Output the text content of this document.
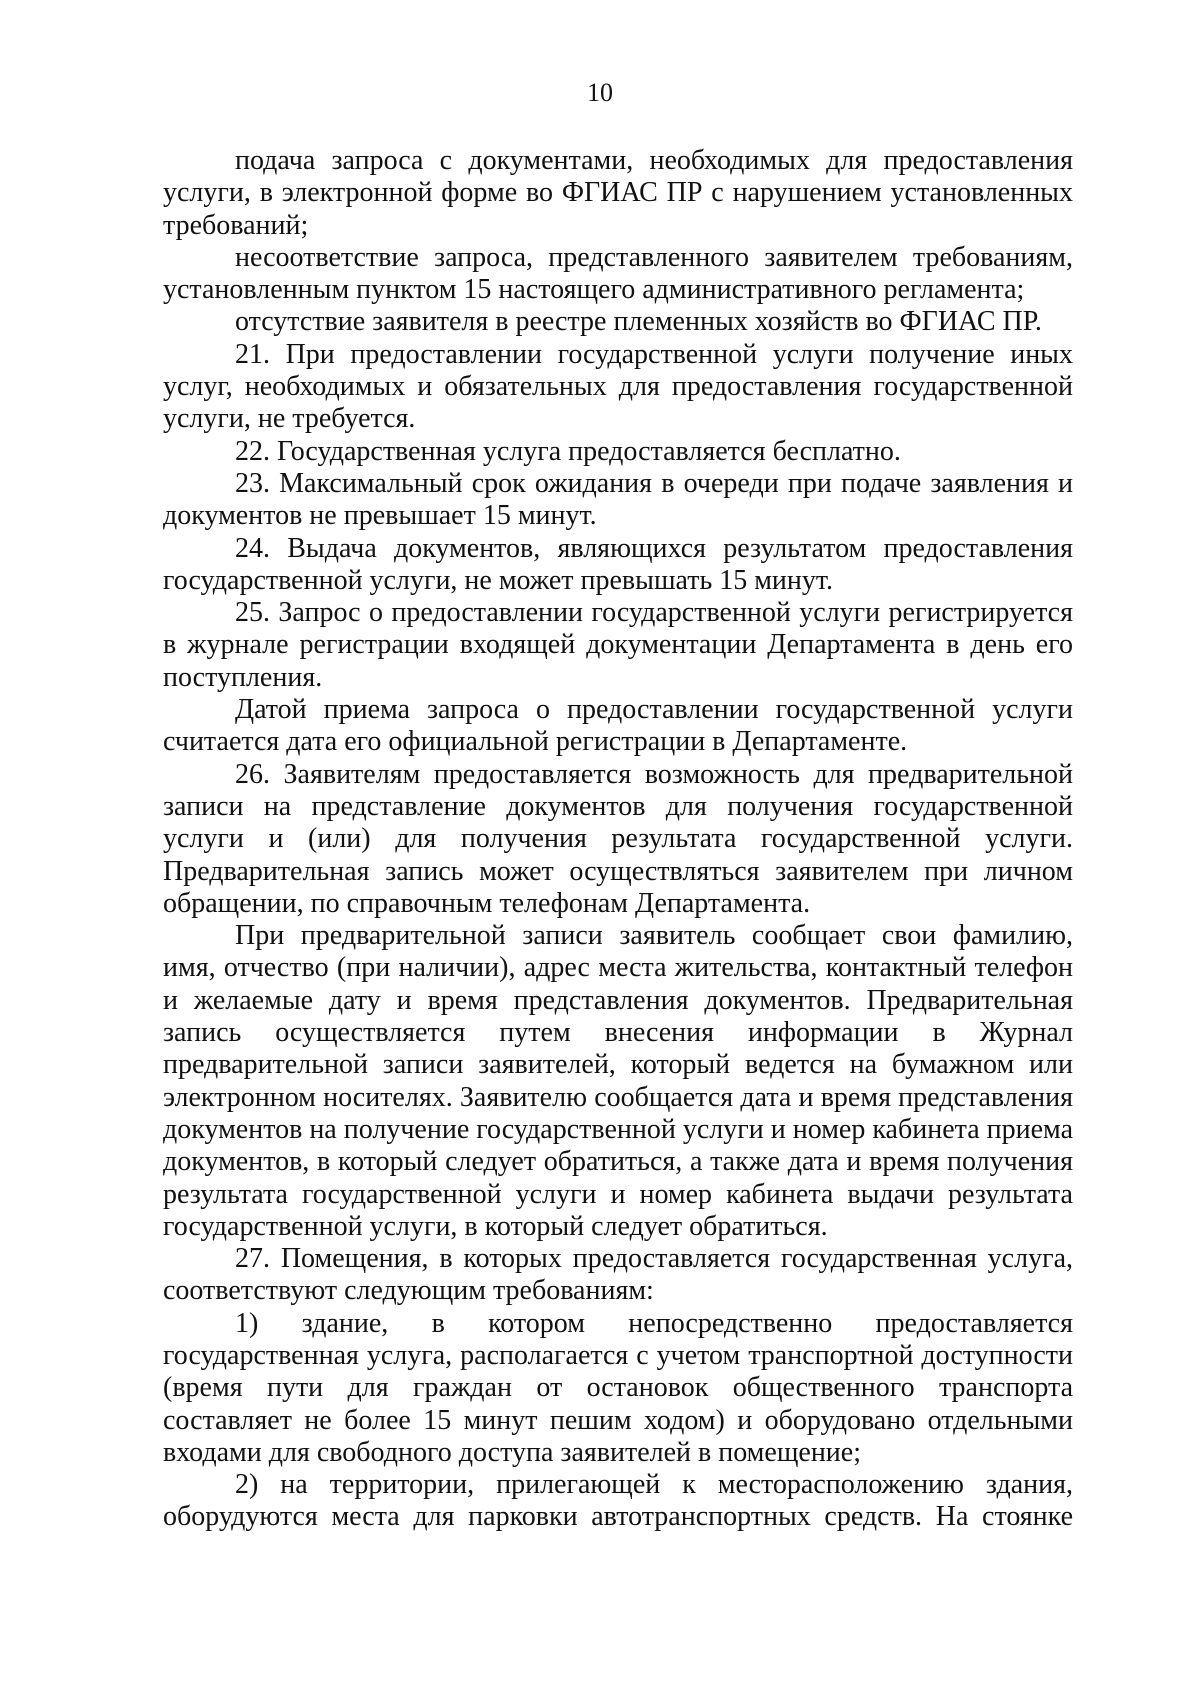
10

подача запроса с документами, необходимых для предоставления услуги, в электронной форме во ФГИАС ПР с нарушением установленных требований;

несоответствие запроса, представленного заявителем требованиям, установленным пунктом 15 настоящего административного регламента;

отсутствие заявителя в реестре племенных хозяйств во ФГИАС ПР.

21. При предоставлении государственной услуги получение иных услуг, необходимых и обязательных для предоставления государственной услуги, не требуется.

22. Государственная услуга предоставляется бесплатно.

23. Максимальный срок ожидания в очереди при подаче заявления и документов не превышает 15 минут.

24. Выдача документов, являющихся результатом предоставления государственной услуги, не может превышать 15 минут.

25. Запрос о предоставлении государственной услуги регистрируется в журнале регистрации входящей документации Департамента в день его поступления.

Датой приема запроса о предоставлении государственной услуги считается дата его официальной регистрации в Департаменте.

26. Заявителям предоставляется возможность для предварительной записи на представление документов для получения государственной услуги и (или) для получения результата государственной услуги. Предварительная запись может осуществляться заявителем при личном обращении, по справочным телефонам Департамента.

При предварительной записи заявитель сообщает свои фамилию, имя, отчество (при наличии), адрес места жительства, контактный телефон и желаемые дату и время представления документов. Предварительная запись осуществляется путем внесения информации в Журнал предварительной записи заявителей, который ведется на бумажном или электронном носителях. Заявителю сообщается дата и время представления документов на получение государственной услуги и номер кабинета приема документов, в который следует обратиться, а также дата и время получения результата государственной услуги и номер кабинета выдачи результата государственной услуги, в который следует обратиться.

27. Помещения, в которых предоставляется государственная услуга, соответствуют следующим требованиям:

1) здание, в котором непосредственно предоставляется государственная услуга, располагается с учетом транспортной доступности (время пути для граждан от остановок общественного транспорта составляет не более 15 минут пешим ходом) и оборудовано отдельными входами для свободного доступа заявителей в помещение;

2) на территории, прилегающей к месторасположению здания, оборудуются места для парковки автотранспортных средств. На стоянке
